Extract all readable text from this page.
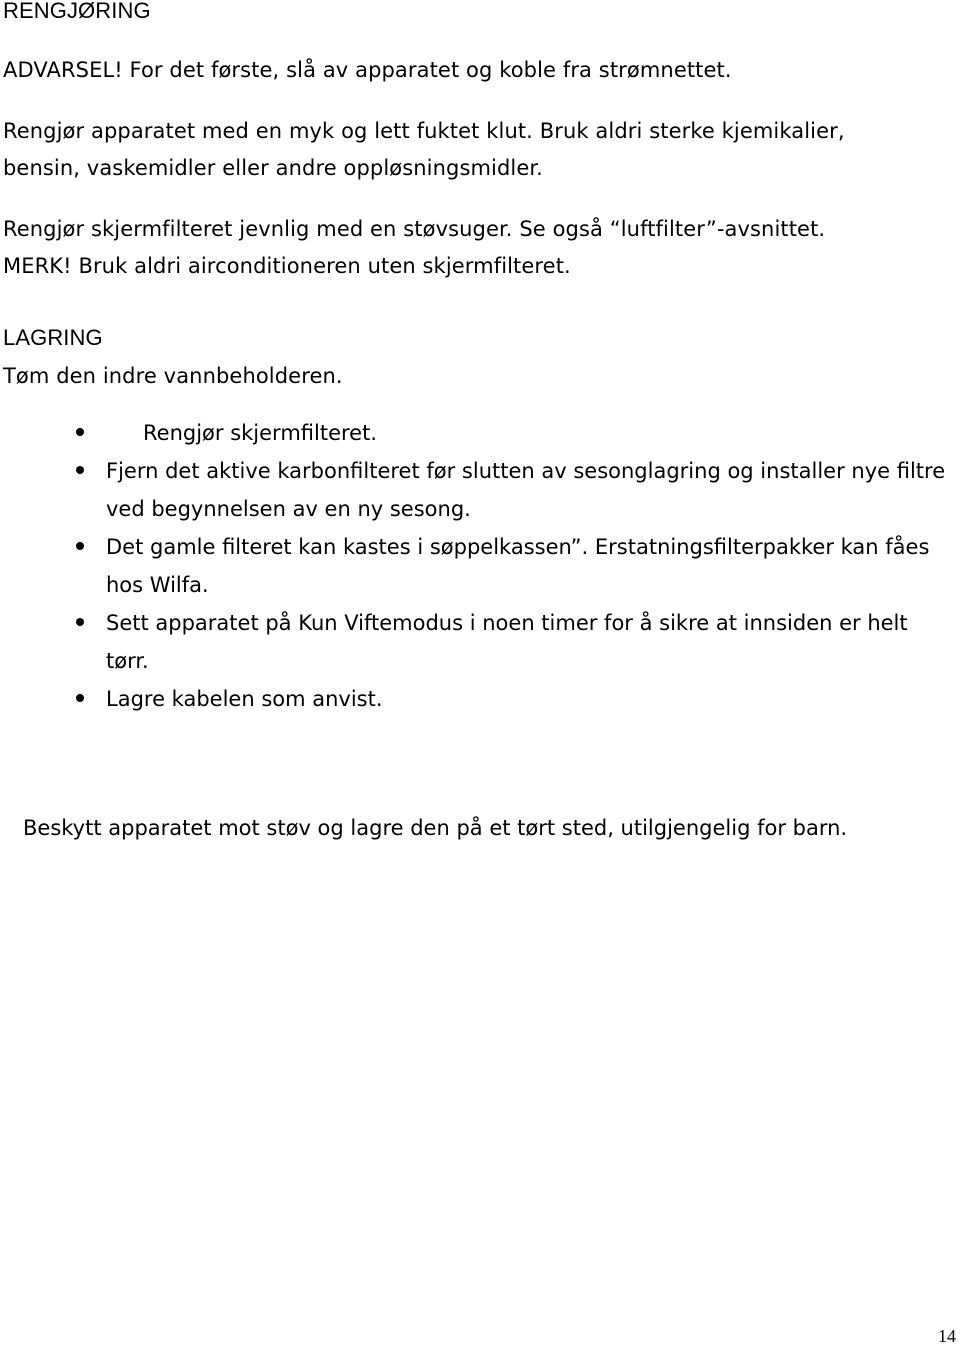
RENGJØRING
ADVARSEL! For det første, slå av apparatet og koble fra strømnettet.
Rengjør apparatet med en myk og lett fuktet klut. Bruk aldri sterke kjemikalier,
bensin, vaskemidler eller andre oppløsningsmidler.
Rengjør skjermfilteret jevnlig med en støvsuger. Se også “luftfilter”-avsnittet.
MERK! Bruk aldri airconditioneren uten skjermfilteret.
LAGRING
Tøm den indre vannbeholderen.
Rengjør skjermfilteret.
Fjern det aktive karbonfilteret før slutten av sesonglagring og installer nye filtre ved begynnelsen av en ny sesong.
Det gamle filteret kan kastes i søppelkassen”. Erstatningsfilterpakker kan fåes hos Wilfa.
Sett apparatet på Kun Viftemodus i noen timer for å sikre at innsiden er helt tørr.
Lagre kabelen som anvist.
Beskytt apparatet mot støv og lagre den på et tørt sted, utilgjengelig for barn.
14
